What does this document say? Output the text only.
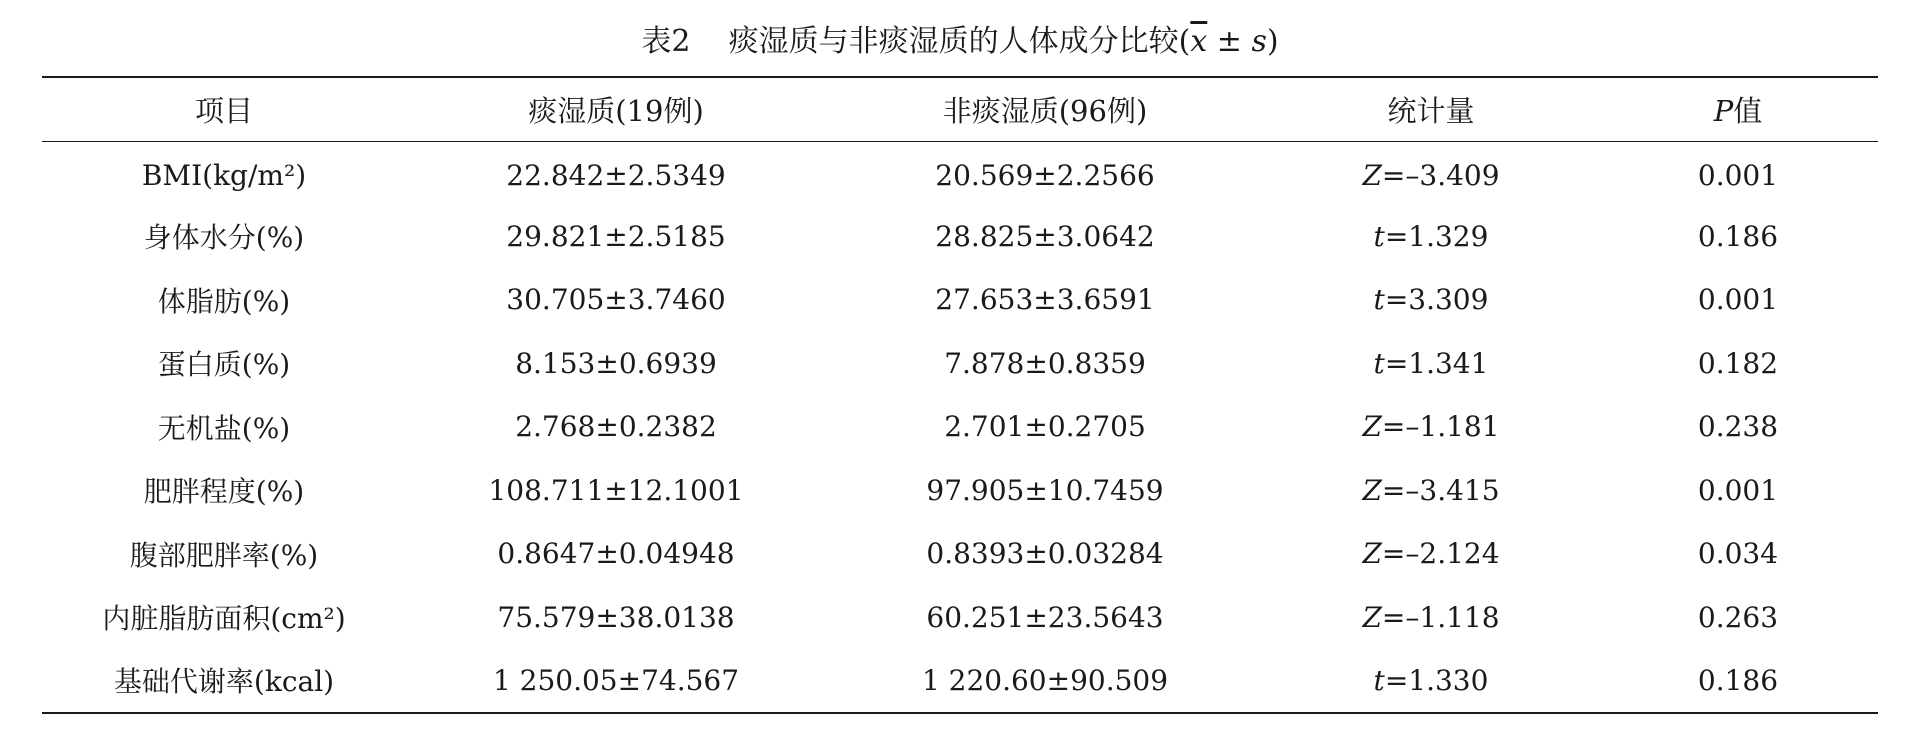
表2 痰湿质与非痰湿质的人体成分比较$(\overline{x} \pm s)$
项目	痰湿质(19例)	非痰湿质(96例)	统计量	P值
BMI(kg/m²)	22.842±2.5349	20.569±2.2566	Z=–3.409	0.001
身体水分(%)	29.821±2.5185	28.825±3.0642	t=1.329	0.186
体脂肪(%)	30.705±3.7460	27.653±3.6591	t=3.309	0.001
蛋白质(%)	8.153±0.6939	7.878±0.8359	t=1.341	0.182
无机盐(%)	2.768±0.2382	2.701±0.2705	Z=–1.181	0.238
肥胖程度(%)	108.711±12.1001	97.905±10.7459	Z=–3.415	0.001
腹部肥胖率(%)	0.8647±0.04948	0.8393±0.03284	Z=–2.124	0.034
内脏脂肪面积(cm²)	75.579±38.0138	60.251±23.5643	Z=–1.118	0.263
基础代谢率(kcal)	1 250.05±74.567	1 220.60±90.509	t=1.330	0.186
